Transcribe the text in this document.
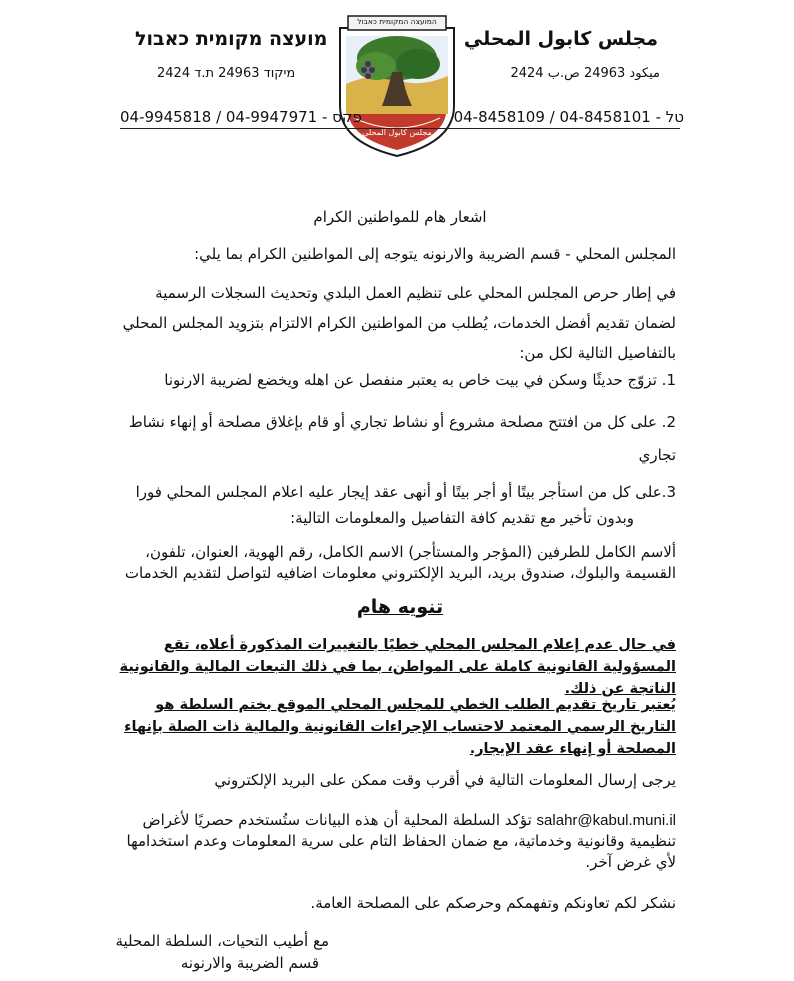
مجلس كابول المحلي
ميكود 24963 ص.ب 2424
מועצה מקומית כאבול
מיקוד 24963 ת.ד 2424
המועצה המקומית כאבול
مجلس كابول المحلي
טל - 04-8458109 / 04-8458101
פקס - 04-9945818 / 04-9947971
اشعار هام للمواطنين الكرام
المجلس المحلي - قسم الضريبة والارنونه يتوجه إلى المواطنين الكرام بما يلي:
في إطار حرص المجلس المحلي على تنظيم العمل البلدي وتحديث السجلات الرسمية لضمان تقديم أفضل الخدمات، يُطلب من المواطنين الكرام الالتزام بتزويد المجلس المحلي بالتفاصيل التالية لكل من:
1. تزوّج حديثًا وسكن في بيت خاص به يعتبر منفصل عن اهله ويخضع لضريبة الارنونا
2. على كل من افتتح مصلحة مشروع أو نشاط تجاري أو قام بإغلاق مصلحة أو إنهاء نشاط تجاري
3.على كل من استأجر بيتًا أو أجر بيتًا أو أنهى عقد إيجار عليه اعلام المجلس المحلي فورا
وبدون تأخير مع تقديم كافة التفاصيل والمعلومات التالية:
ألاسم الكامل للطرفين (المؤجر والمستأجر) الاسم الكامل، رقم الهوية، العنوان، تلفون، القسيمة والبلوك، صندوق بريد، البريد الإلكتروني معلومات اضافيه لتواصل لتقديم الخدمات
تنويه هام
في حال عدم إعلام المجلس المحلي خطيًا بالتغييرات المذكورة أعلاه، تقع المسؤولية القانونية كاملة على المواطن، بما في ذلك التبعات المالية والقانونية الناتجة عن ذلك.
يُعتبر تاريخ تقديم الطلب الخطي للمجلس المحلي الموقع بختم السلطة هو التاريخ الرسمي المعتمد لاحتساب الإجراءات القانونية والمالية ذات الصلة بإنهاء المصلحة أو إنهاء عقد الإيجار.
يرجى إرسال المعلومات التالية في أقرب وقت ممكن على البريد الإلكتروني
salahr@kabul.muni.il تؤكد السلطة المحلية أن هذه البيانات ستُستخدم حصريًا لأغراض تنظيمية وقانونية وخدماتية، مع ضمان الحفاظ التام على سرية المعلومات وعدم استخدامها لأي غرض آخر.
نشكر لكم تعاونكم وتفهمكم وحرصكم على المصلحة العامة.
مع أطيب التحيات، السلطة المحلية
قسم الضريبة والارنونه
